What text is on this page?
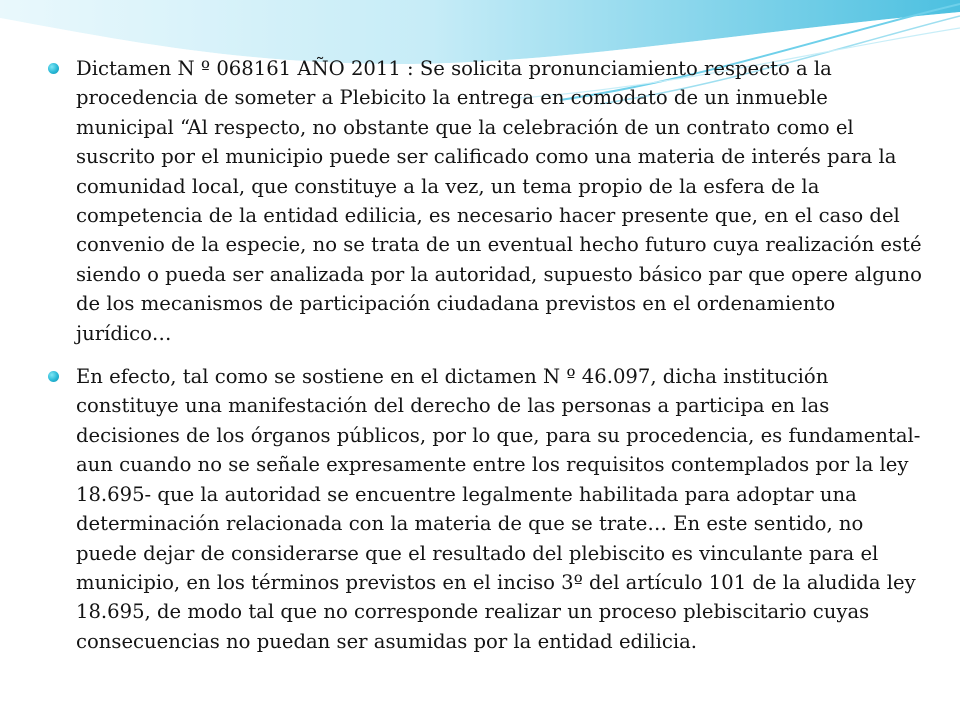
Dictamen N º 068161 AÑO 2011 : Se solicita pronunciamiento respecto a la procedencia de someter a Plebicito la entrega en comodato de un inmueble municipal “Al respecto, no obstante que la celebración de un contrato como el suscrito por el municipio puede ser calificado como una materia de interés para la comunidad local, que constituye a la vez, un tema propio de la esfera de la competencia de la entidad edilicia, es necesario hacer presente que, en el caso del convenio de la especie, no se trata de un eventual hecho futuro cuya realización esté siendo o pueda ser analizada por la autoridad, supuesto básico par que opere alguno de los mecanismos de participación ciudadana previstos en el ordenamiento jurídico…
En efecto, tal como se sostiene en el dictamen N º 46.097, dicha institución constituye una manifestación del derecho de las personas a participa en las decisiones de los órganos públicos, por lo que, para su procedencia, es fundamental- aun cuando no se señale expresamente entre los requisitos contemplados por la ley 18.695- que la autoridad se encuentre legalmente habilitada para adoptar una determinación relacionada con la materia de que se trate… En este sentido, no puede dejar de considerarse que el resultado del plebiscito es vinculante para el municipio, en los términos previstos en el inciso 3º del artículo 101 de la aludida ley 18.695, de modo tal que no corresponde realizar un proceso plebiscitario cuyas consecuencias no puedan ser asumidas por la entidad edilicia.
